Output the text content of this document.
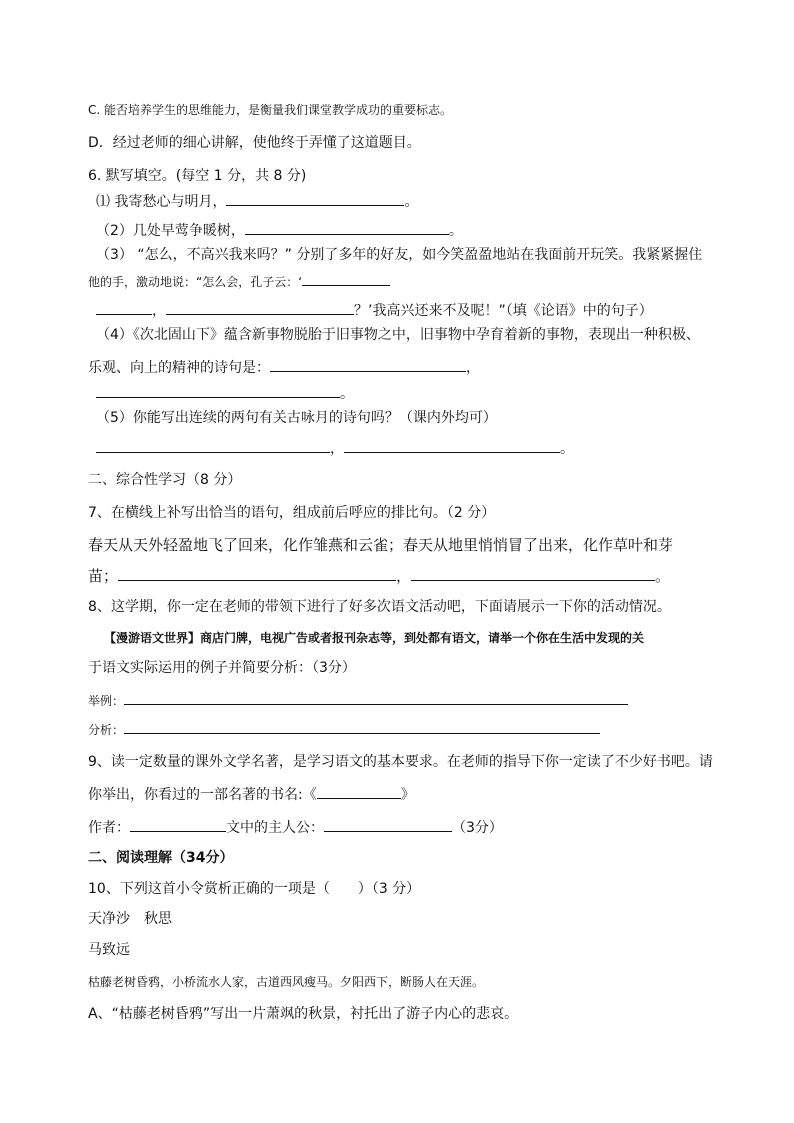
C. 能否培养学生的思维能力，是衡量我们课堂教学成功的重要标志。
D．经过老师的细心讲解，使他终于弄懂了这道题目。
6. 默写填空。(每空 1 分，共 8 分)
⑴ 我寄愁心与明月，	。
（2）几处早莺争暖树，	。
（3） “怎么，不高兴我来吗？” 分别了多年的好友，如今笑盈盈地站在我面前开玩笑。我紧紧握住
他的手，激动地说：“怎么会，孔子云：‘
，	？’我高兴还来不及呢！”（填《论语》中的句子）
（4）《次北固山下》蕴含新事物脱胎于旧事物之中，旧事物中孕育着新的事物，表现出一种积极、
乐观、向上的精神的诗句是：	，
。
（5）你能写出连续的两句有关古咏月的诗句吗？（课内外均可）
，	。
二、综合性学习（8 分）
7、在横线上补写出恰当的语句，组成前后呼应的排比句。（2 分）
春天从天外轻盈地飞了回来，化作雏燕和云雀；春天从地里悄悄冒了出来，化作草叶和芽
苗；	，	。
8、这学期，你一定在老师的带领下进行了好多次语文活动吧，下面请展示一下你的活动情况。
【漫游语文世界】商店门牌，电视广告或者报刊杂志等，到处都有语文，请举一个你在生活中发现的关
于语文实际运用的例子并简要分析：（3分）
举例：
分析：
9、读一定数量的课外文学名著，是学习语文的基本要求。在老师的指导下你一定读了不少好书吧。请
你举出，你看过的一部名著的书名:《	》
作者：	文中的主人公：	（3分）
二、阅读理解（34分）
10、下列这首小令赏析正确的一项是（　　）（3 分）
天净沙　秋思
马致远
枯藤老树昏鸦，小桥流水人家，古道西风瘦马。夕阳西下，断肠人在天涯。
A、“枯藤老树昏鸦”写出一片萧飒的秋景，衬托出了游子内心的悲哀。
